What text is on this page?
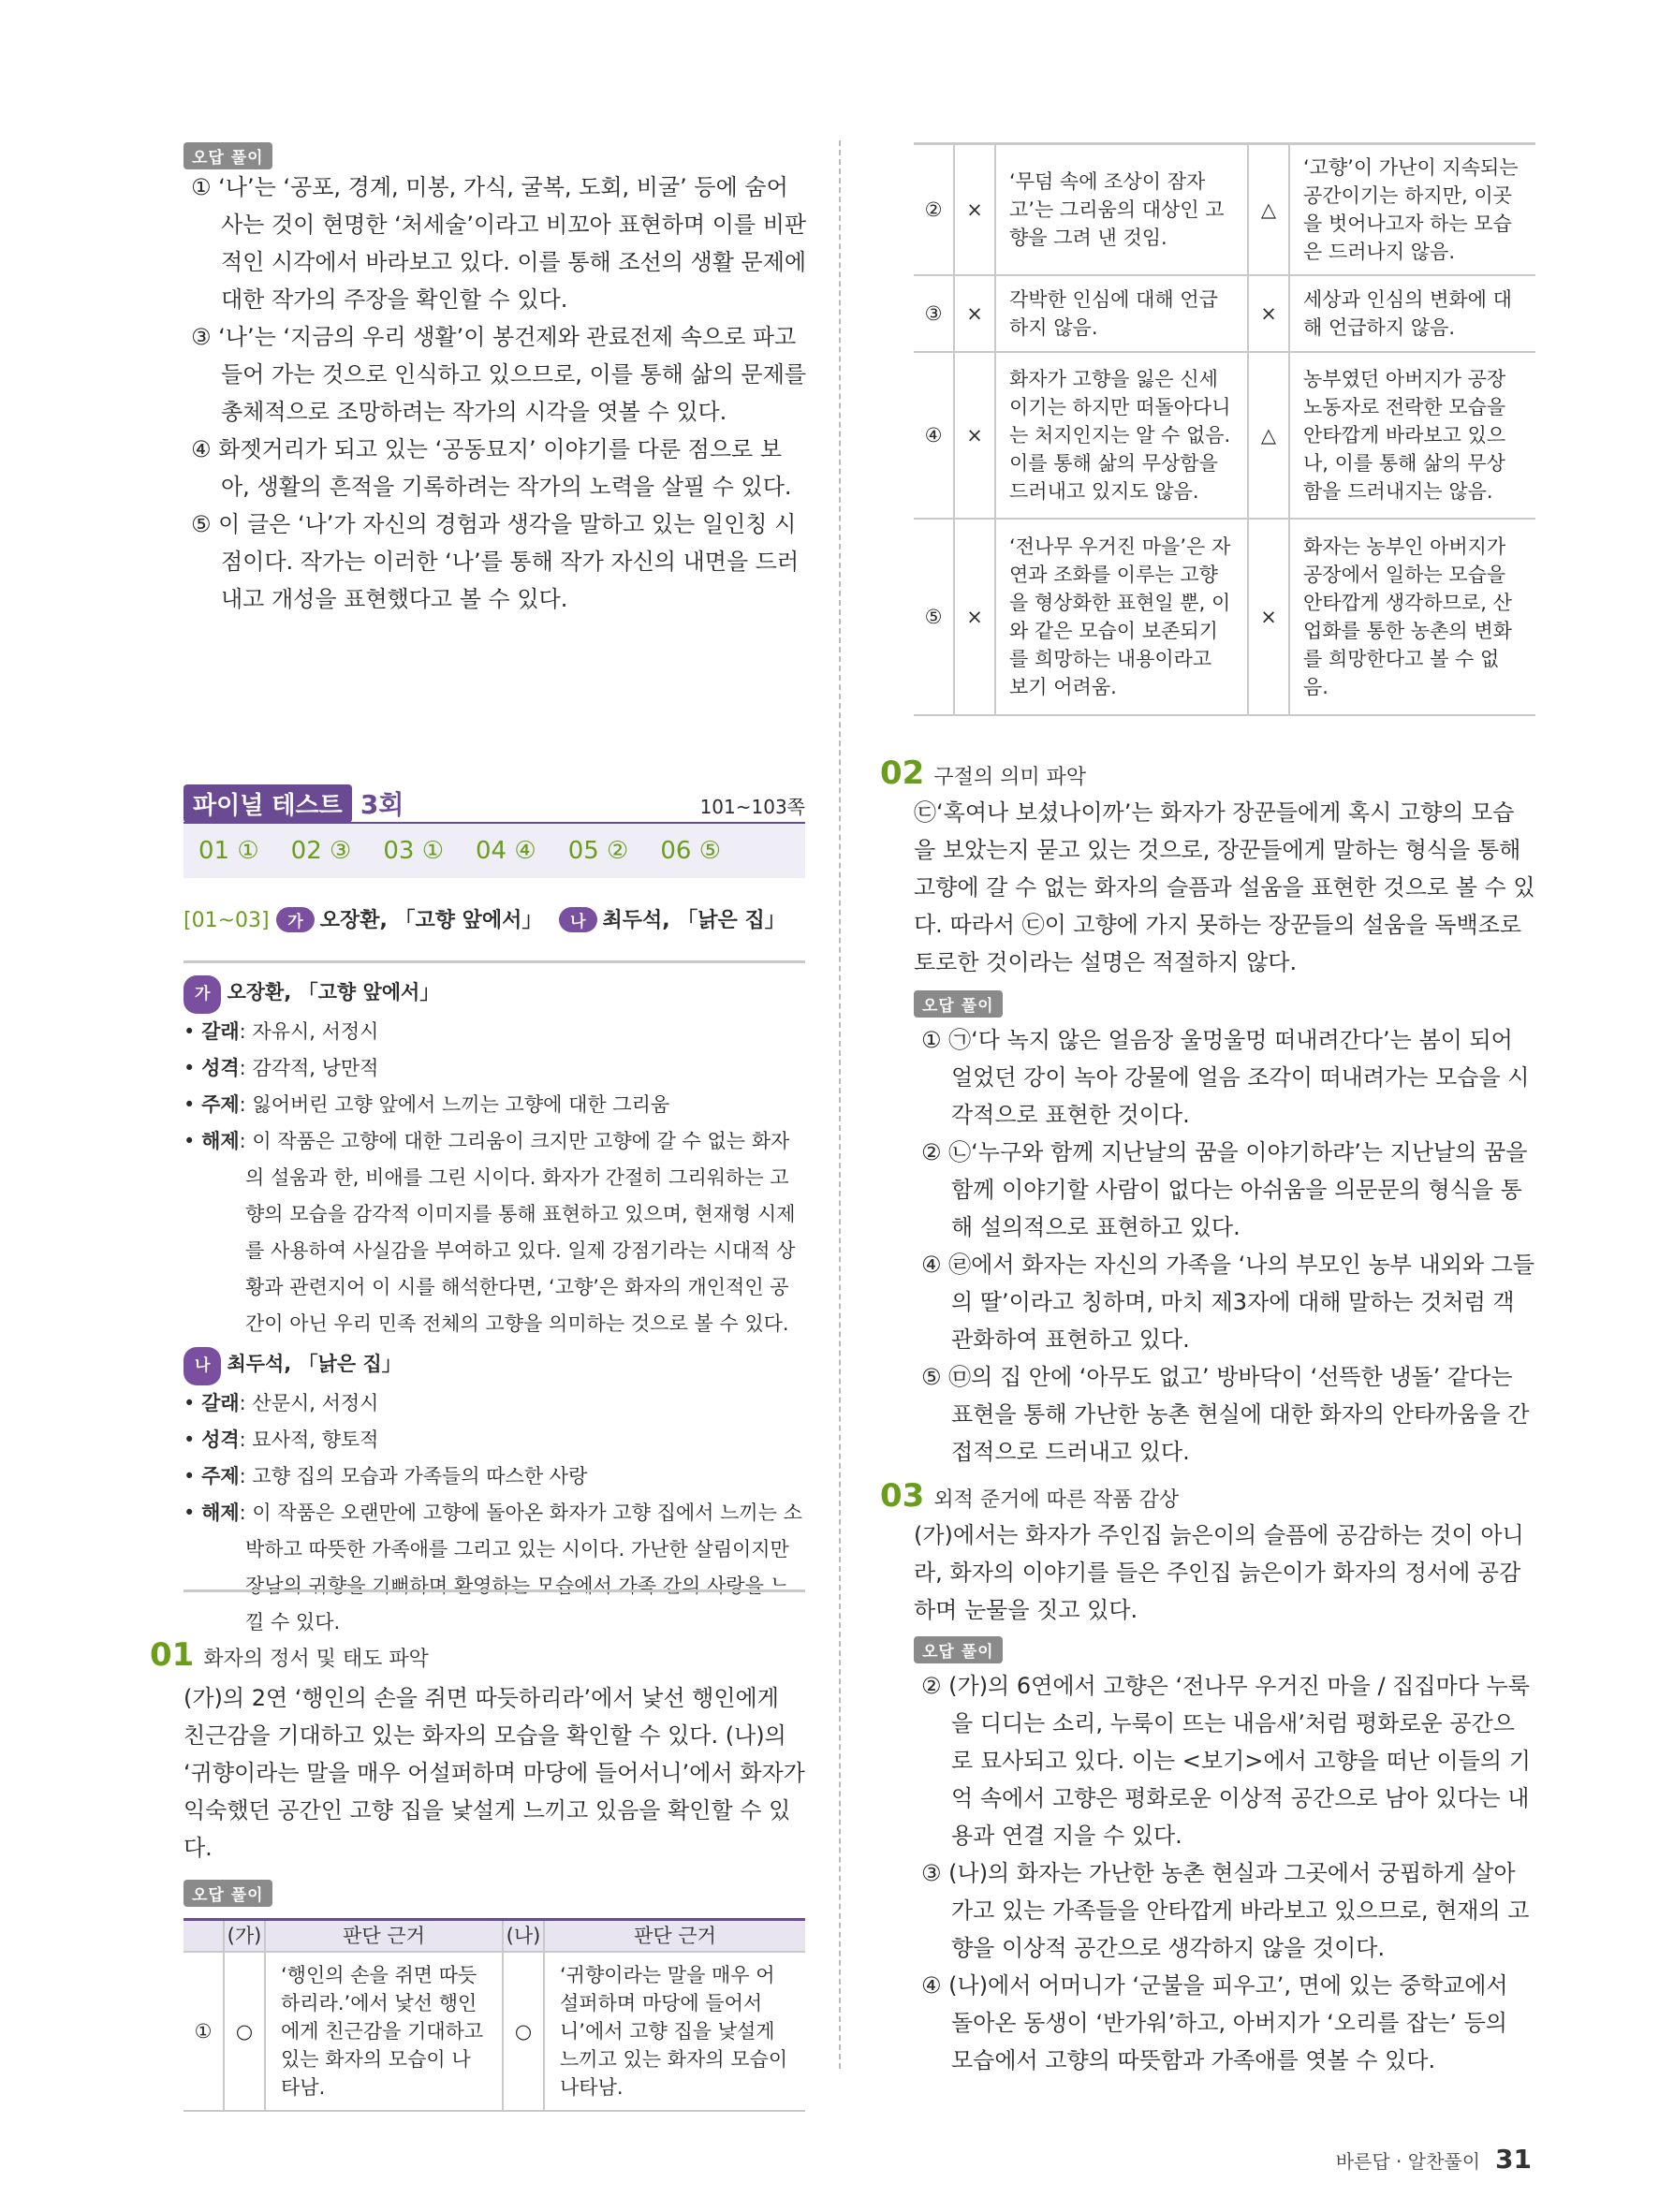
오답 풀이

① ‘나’는 ‘공포, 경계, 미봉, 가식, 굴복, 도회, 비굴’ 등에 숨어 사는 것이 현명한 ‘처세술’이라고 비꼬아 표현하며 이를 비판적인 시각에서 바라보고 있다. 이를 통해 조선의 생활 문제에 대한 작가의 주장을 확인할 수 있다.

③ ‘나’는 ‘지금의 우리 생활’이 봉건제와 관료전제 속으로 파고들어 가는 것으로 인식하고 있으므로, 이를 통해 삶의 문제를 총체적으로 조망하려는 작가의 시각을 엿볼 수 있다.

④ 화젯거리가 되고 있는 ‘공동묘지’ 이야기를 다룬 점으로 보아, 생활의 흔적을 기록하려는 작가의 노력을 살필 수 있다.

⑤ 이 글은 ‘나’가 자신의 경험과 생각을 말하고 있는 일인칭 시점이다. 작가는 이러한 ‘나’를 통해 작가 자신의 내면을 드러내고 개성을 표현했다고 볼 수 있다.

파이널 테스트 3회	101~103쪽
01 ① 02 ③ 03 ① 04 ④ 05 ② 06 ⑤
[01~03] 가 오장환, 「고향 앞에서」 나 최두석, 「낡은 집」

가 오장환, 「고향 앞에서」

• 갈래: 자유시, 서정시

• 성격: 감각적, 낭만적

• 주제: 잃어버린 고향 앞에서 느끼는 고향에 대한 그리움

• 해제: 이 작품은 고향에 대한 그리움이 크지만 고향에 갈 수 없는 화자의 설움과 한, 비애를 그린 시이다. 화자가 간절히 그리워하는 고향의 모습을 감각적 이미지를 통해 표현하고 있으며, 현재형 시제를 사용하여 사실감을 부여하고 있다. 일제 강점기라는 시대적 상황과 관련지어 이 시를 해석한다면, ‘고향’은 화자의 개인적인 공간이 아닌 우리 민족 전체의 고향을 의미하는 것으로 볼 수 있다.

나 최두석, 「낡은 집」

• 갈래: 산문시, 서정시

• 성격: 묘사적, 향토적

• 주제: 고향 집의 모습과 가족들의 따스한 사랑

• 해제: 이 작품은 오랜만에 고향에 돌아온 화자가 고향 집에서 느끼는 소박하고 따뜻한 가족애를 그리고 있는 시이다. 가난한 살림이지만 장남의 귀향을 기뻐하며 환영하는 모습에서 가족 간의 사랑을 느낄 수 있다.

01 화자의 정서 및 태도 파악

(가)의 2연 ‘행인의 손을 쥐면 따듯하리라’에서 낯선 행인에게 친근감을 기대하고 있는 화자의 모습을 확인할 수 있다. (나)의 ‘귀향이라는 말을 매우 어설퍼하며 마당에 들어서니’에서 화자가 익숙했던 공간인 고향 집을 낯설게 느끼고 있음을 확인할 수 있다.

오답 풀이
	(가)	판단 근거	(나)	판단 근거
①	○	‘행인의 손을 쥐면 따듯하리라.’에서 낯선 행인에게 친근감을 기대하고 있는 화자의 모습이 나타남.	○	‘귀향이라는 말을 매우 어설퍼하며 마당에 들어서니’에서 고향 집을 낯설게 느끼고 있는 화자의 모습이 나타남.
②	×	‘무덤 속에 조상이 잠자고’는 그리움의 대상인 고향을 그려 낸 것임.	△	‘고향’이 가난이 지속되는 공간이기는 하지만, 이곳을 벗어나고자 하는 모습은 드러나지 않음.
③	×	각박한 인심에 대해 언급하지 않음.	×	세상과 인심의 변화에 대해 언급하지 않음.
④	×	화자가 고향을 잃은 신세이기는 하지만 떠돌아다니는 처지인지는 알 수 없음. 이를 통해 삶의 무상함을 드러내고 있지도 않음.	△	농부였던 아버지가 공장 노동자로 전락한 모습을 안타깝게 바라보고 있으나, 이를 통해 삶의 무상함을 드러내지는 않음.
⑤	×	‘전나무 우거진 마을’은 자연과 조화를 이루는 고향을 형상화한 표현일 뿐, 이와 같은 모습이 보존되기를 희망하는 내용이라고 보기 어려움.	×	화자는 농부인 아버지가 공장에서 일하는 모습을 안타깝게 생각하므로, 산업화를 통한 농촌의 변화를 희망한다고 볼 수 없음.

02 구절의 의미 파악

㉢‘혹여나 보셨나이까’는 화자가 장꾼들에게 혹시 고향의 모습을 보았는지 묻고 있는 것으로, 장꾼들에게 말하는 형식을 통해 고향에 갈 수 없는 화자의 슬픔과 설움을 표현한 것으로 볼 수 있다. 따라서 ㉢이 고향에 가지 못하는 장꾼들의 설움을 독백조로 토로한 것이라는 설명은 적절하지 않다.

오답 풀이

① ㉠‘다 녹지 않은 얼음장 울멍울멍 떠내려간다’는 봄이 되어 얼었던 강이 녹아 강물에 얼음 조각이 떠내려가는 모습을 시각적으로 표현한 것이다.

② ㉡‘누구와 함께 지난날의 꿈을 이야기하랴’는 지난날의 꿈을 함께 이야기할 사람이 없다는 아쉬움을 의문문의 형식을 통해 설의적으로 표현하고 있다.

④ ㉣에서 화자는 자신의 가족을 ‘나의 부모인 농부 내외와 그들의 딸’이라고 칭하며, 마치 제3자에 대해 말하는 것처럼 객관화하여 표현하고 있다.

⑤ ㉤의 집 안에 ‘아무도 없고’ 방바닥이 ‘선뜩한 냉돌’ 같다는 표현을 통해 가난한 농촌 현실에 대한 화자의 안타까움을 간접적으로 드러내고 있다.

03 외적 준거에 따른 작품 감상

(가)에서는 화자가 주인집 늙은이의 슬픔에 공감하는 것이 아니라, 화자의 이야기를 들은 주인집 늙은이가 화자의 정서에 공감하며 눈물을 짓고 있다.

오답 풀이

② (가)의 6연에서 고향은 ‘전나무 우거진 마을 / 집집마다 누룩을 디디는 소리, 누룩이 뜨는 내음새’처럼 평화로운 공간으로 묘사되고 있다. 이는 <보기>에서 고향을 떠난 이들의 기억 속에서 고향은 평화로운 이상적 공간으로 남아 있다는 내용과 연결 지을 수 있다.

③ (나)의 화자는 가난한 농촌 현실과 그곳에서 궁핍하게 살아가고 있는 가족들을 안타깝게 바라보고 있으므로, 현재의 고향을 이상적 공간으로 생각하지 않을 것이다.

④ (나)에서 어머니가 ‘군불을 피우고’, 면에 있는 중학교에서 돌아온 동생이 ‘반가워’하고, 아버지가 ‘오리를 잡는’ 등의 모습에서 고향의 따뜻함과 가족애를 엿볼 수 있다.

바른답 · 알찬풀이 31
